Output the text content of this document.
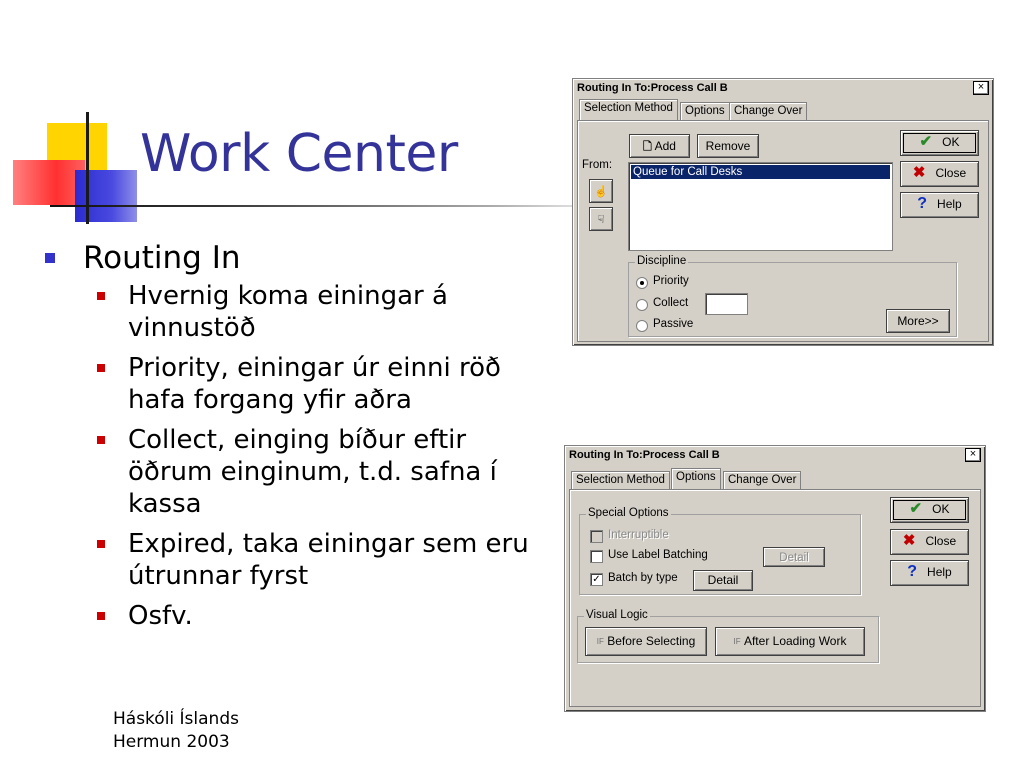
Work Center
Routing In
Hvernig koma einingar á vinnustöð
Priority, einingar úr einni röð hafa forgang yfir aðra
Collect, einging bíður eftir öðrum einginum, t.d. safna í kassa
Expired, taka einingar sem eru útrunnar fyrst
Osfv.
Háskóli Íslands
Hermun 2003
Routing In To:Process Call B	×
Selection Method	Options Change Over
🗋 Add	Remove
From:
☝
☟
Queue for Call Desks
✔ OK
✖ Close
? Help
Discipline
Priority
Collect
Passive	More>>
Routing In To:Process Call B	×
Selection Method Options	Change Over
Special Options
Interruptible
Use Label Batching	Detail
✓ Batch by type	Detail
Visual Logic
$^{IF}$ Before Selecting	$^{IF}$ After Loading Work
✔ OK
✖ Close
? Help
